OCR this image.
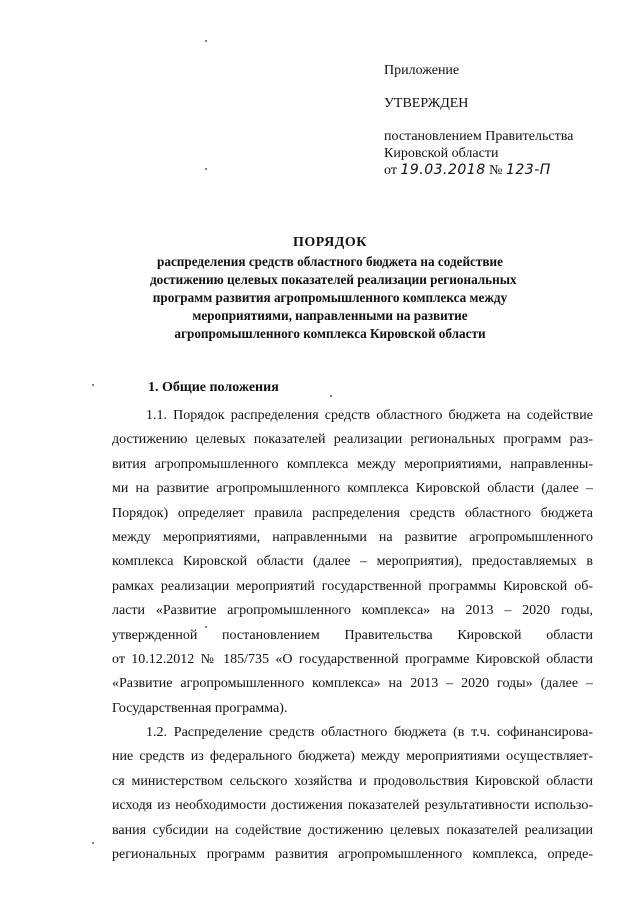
Приложение
УТВЕРЖДЕН
постановлением Правительства
Кировской области
от 19.03.2018 № 123-П
ПОРЯДОК
распределения средств областного бюджета на содействие
достижению целевых показателей реализации региональных
программ развития агропромышленного комплекса между
мероприятиями, направленными на развитие
агропромышленного комплекса Кировской области
1. Общие положения
1.1. Порядок распределения средств областного бюджета на содействие
достижению целевых показателей реализации региональных программ раз-
вития агропромышленного комплекса между мероприятиями, направленны-
ми на развитие агропромышленного комплекса Кировской области (далее –
Порядок) определяет правила распределения средств областного бюджета
между мероприятиями, направленными на развитие агропромышленного
комплекса Кировской области (далее – мероприятия), предоставляемых в
рамках реализации мероприятий государственной программы Кировской об-
ласти «Развитие агропромышленного комплекса» на 2013 – 2020 годы,
утвержденной постановлением Правительства Кировской области
от 10.12.2012 № 185/735 «О государственной программе Кировской области
«Развитие агропромышленного комплекса» на 2013 – 2020 годы» (далее –
Государственная программа).
1.2. Распределение средств областного бюджета (в т.ч. софинансирова-
ние средств из федерального бюджета) между мероприятиями осуществляет-
ся министерством сельского хозяйства и продовольствия Кировской области
исходя из необходимости достижения показателей результативности использо-
вания субсидии на содействие достижению целевых показателей реализации
региональных программ развития агропромышленного комплекса, опреде-
